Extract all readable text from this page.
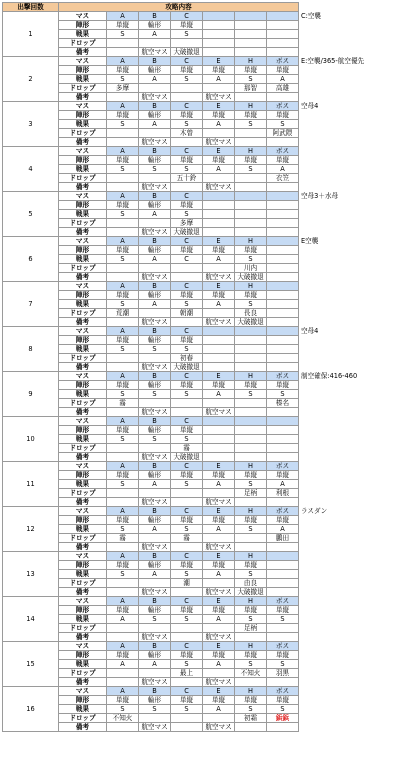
出撃回数	攻略内容							
1	マス	A	B	C				C:空襲
	陣形	単縦	輪形	単縦				
	戦果	S	A	S				
	ドロップ							
	備考		航空マス	大破撤退				
2	マス	A	B	C	E	H	ボス	E:空襲/365-航空優先
	陣形	単縦	輪形	単縦	単縦	単縦	単縦	
	戦果	S	A	S	A	S	A	
	ドロップ	多摩				那智	高雄	
	備考		航空マス		航空マス			
3	マス	A	B	C	E	H	ボス	空母4
	陣形	単縦	輪形	単縦	単縦	単縦	単縦	
	戦果	S	A	S	A	S	S	
	ドロップ			木曾			阿武隈	
	備考		航空マス		航空マス			
4	マス	A	B	C	E	H	ボス	
	陣形	単縦	輪形	単縦	単縦	単縦	単縦	
	戦果	S	S	S	A	S	A	
	ドロップ			五十鈴			衣笠	
	備考		航空マス		航空マス			
5	マス	A	B	C				空母3＋水母
	陣形	単縦	輪形	単縦				
	戦果	S	A	S				
	ドロップ			多摩				
	備考		航空マス	大破撤退				
6	マス	A	B	C	E	H		E空襲
	陣形	単縦	輪形	単縦	単縦	単縦		
	戦果	S	A	C	A	S		
	ドロップ					川内		
	備考		航空マス		航空マス	大破撤退		
7	マス	A	B	C	E	H		
	陣形	単縦	輪形	単縦	単縦	単縦		
	戦果	S	A	S	A	S		
	ドロップ	荒潮		朝潮		長良		
	備考		航空マス		航空マス	大破撤退		
8	マス	A	B	C				空母4
	陣形	単縦	輪形	単縦				
	戦果	S	S	S				
	ドロップ			初春				
	備考		航空マス	大破撤退				
9	マス	A	B	C	E	H	ボス	制空確保:416-460
	陣形	単縦	輪形	単縦	単縦	単縦	単縦	
	戦果	S	S	S	A	S	S	
	ドロップ	霧					榛名	
	備考		航空マス		航空マス			
10	マス	A	B	C				
	陣形	単縦	輪形	単縦				
	戦果	S	S	S				
	ドロップ			霧				
	備考		航空マス	大破撤退				
11	マス	A	B	C	E	H	ボス	
	陣形	単縦	輪形	単縦	単縦	単縦	単縦	
	戦果	S	A	S	A	S	A	
	ドロップ					足柄	利根	
	備考		航空マス		航空マス			
12	マス	A	B	C	E	H	ボス	ラスダン
	陣形	単縦	輪形	単縦	単縦	単縦	単縦	
	戦果	S	A	S	A	S	A	
	ドロップ	霧		霧			鵬田	
	備考		航空マス		航空マス			
13	マス	A	B	C	E	H		
	陣形	単縦	輪形	単縦	単縦	単縦		
	戦果	S	A	S	A	S		
	ドロップ			潮		由良		
	備考		航空マス		航空マス	大破撤退		
14	マス	A	B	C	E	H	ボス	
	陣形	単縦	輪形	単縦	単縦	単縦	単縦	
	戦果	A	S	S	A	S	S	
	ドロップ					足柄		
	備考		航空マス		航空マス			
15	マス	A	B	C	E	H	ボス	
	陣形	単縦	輪形	単縦	単縦	単縦	単縦	
	戦果	A	A	S	A	S	S	
	ドロップ			最上		不知火	羽黒	
	備考		航空マス		航空マス			
16	マス	A	B	C	E	H	ボス	
	陣形	単縦	輪形	単縦	単縦	単縦	単縦	
	戦果	S	S	S	A	S	S	
	ドロップ	不知火				初霜	鋲鋲	
	備考		航空マス		航空マス			
